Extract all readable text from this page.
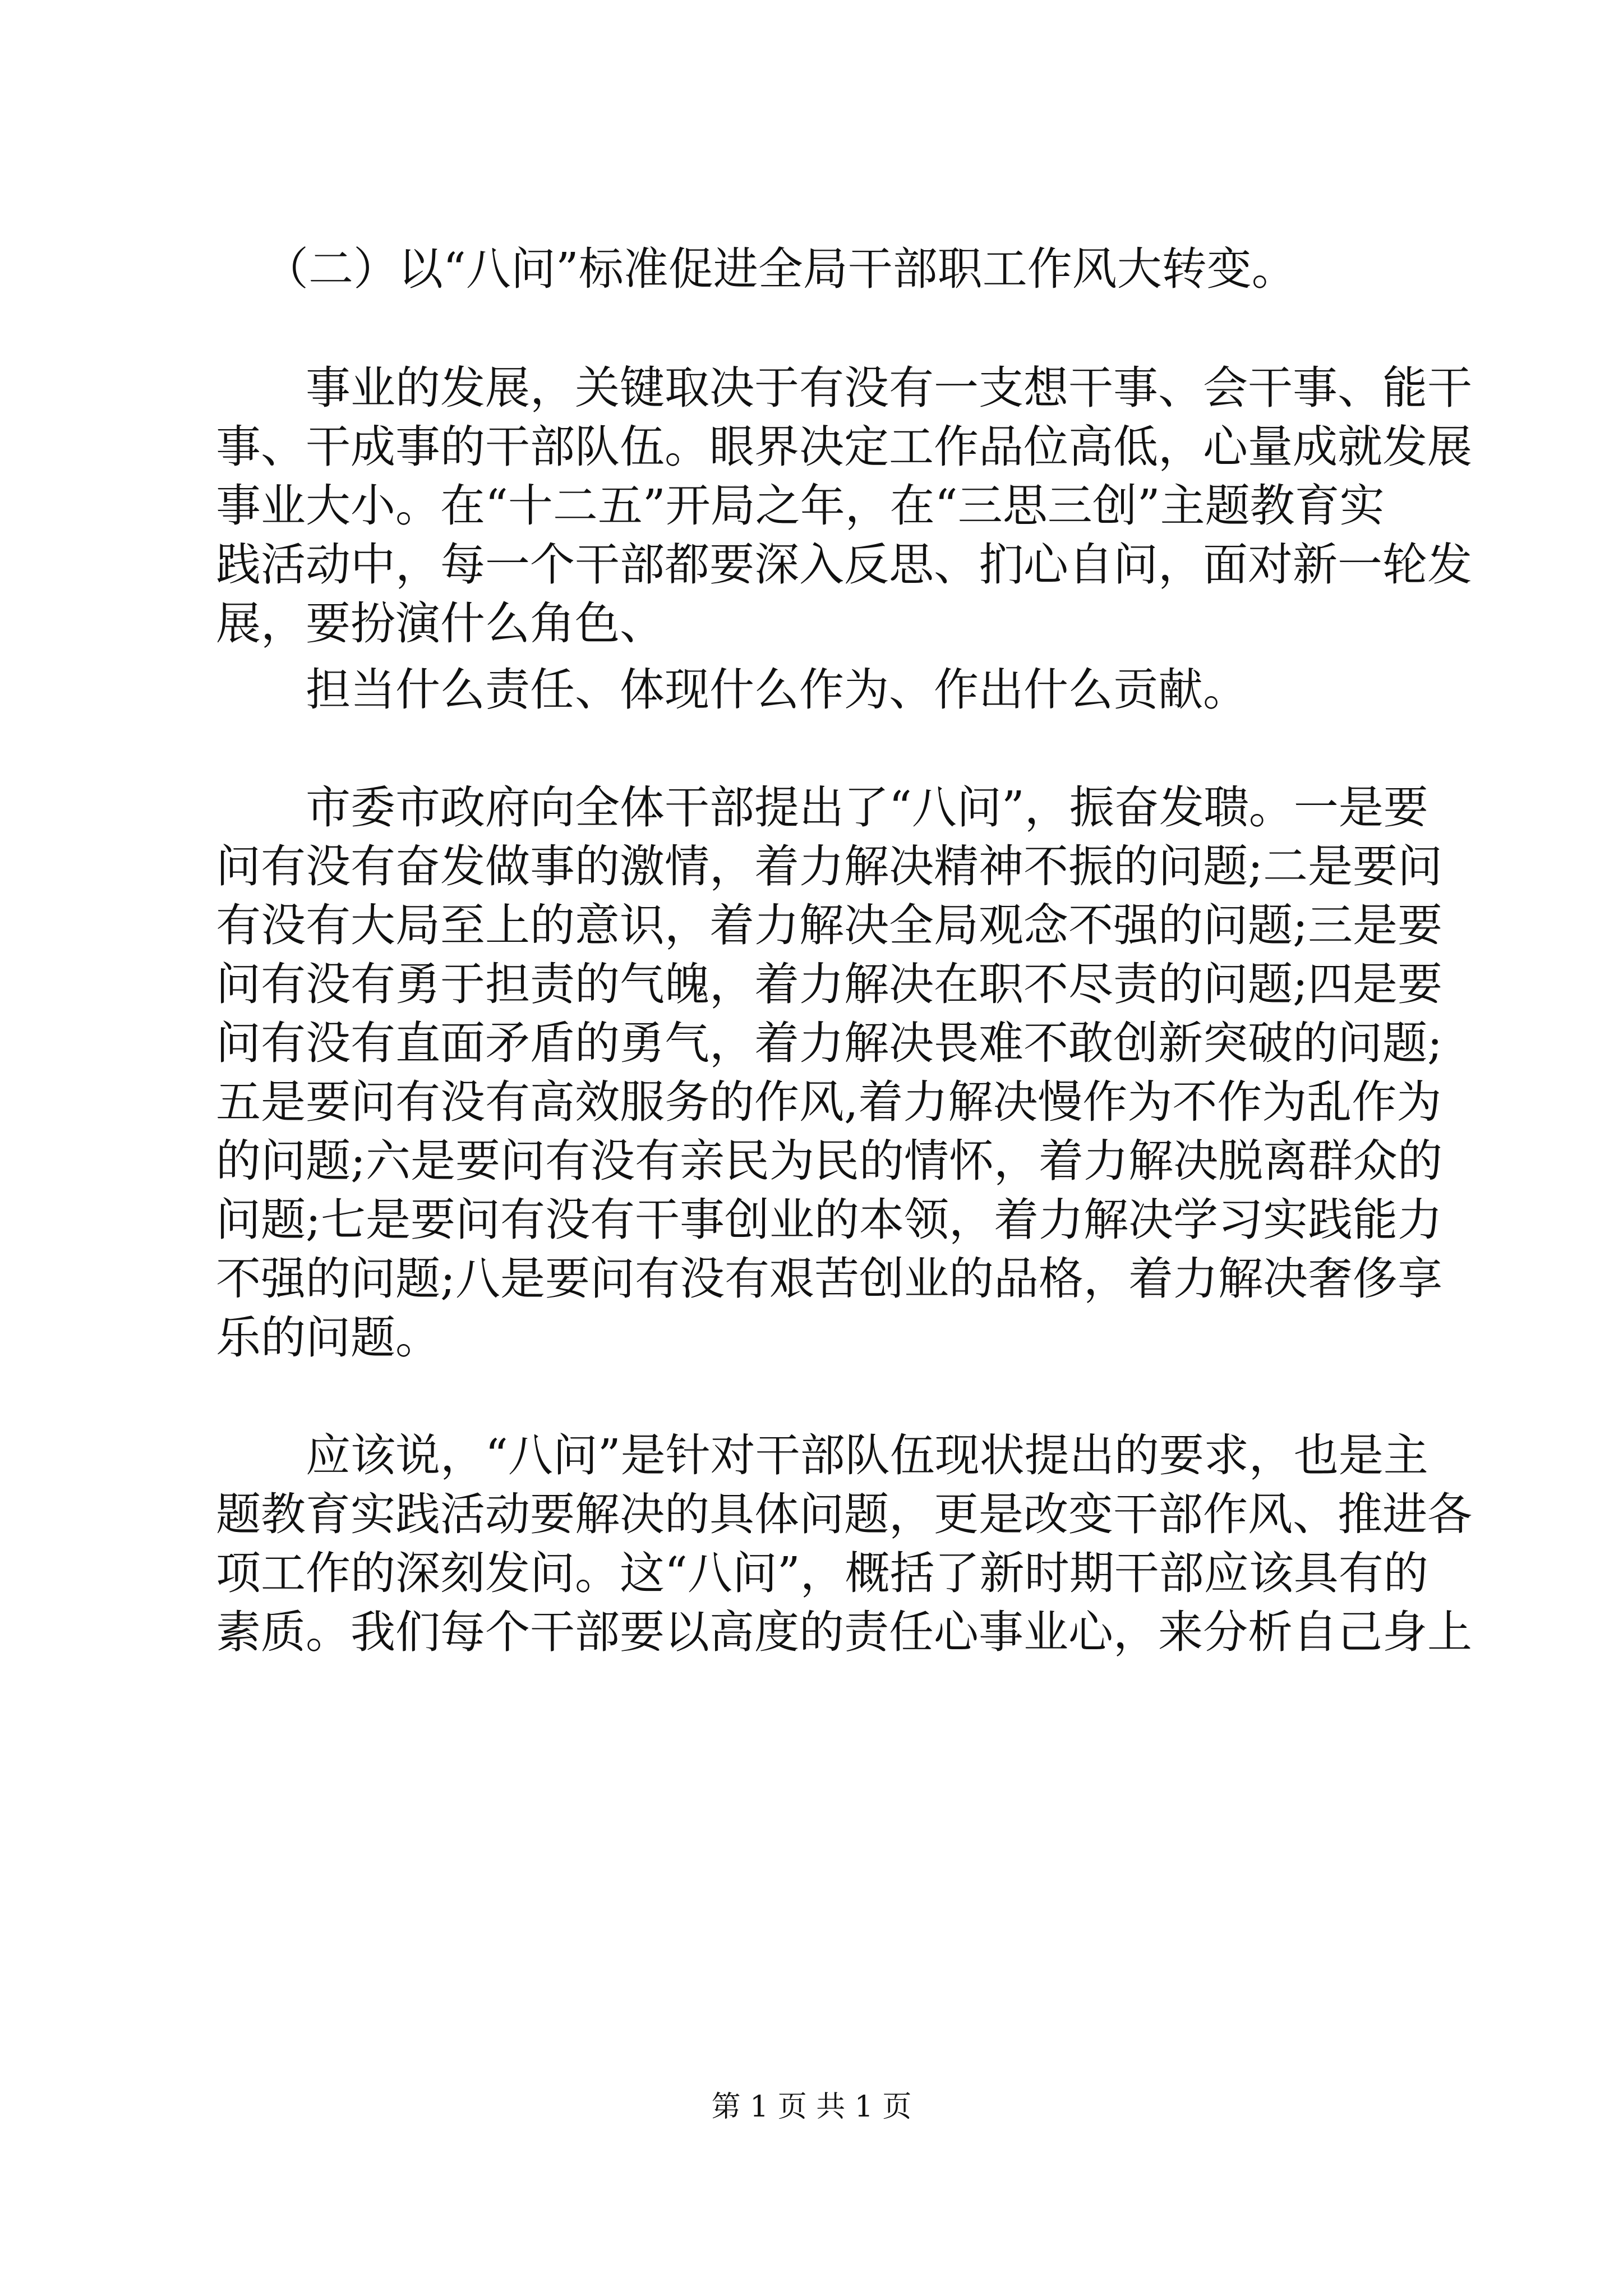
（二）以“八问”标准促进全局干部职工作风大转变。
事业的发展，关键取决于有没有一支想干事、会干事、能干
事、干成事的干部队伍。眼界决定工作品位高低，心量成就发展
事业大小。在“十二五”开局之年，在“三思三创”主题教育实
践活动中，每一个干部都要深入反思、扪心自问，面对新一轮发
展，要扮演什么角色、
担当什么责任、体现什么作为、作出什么贡献。
市委市政府向全体干部提出了“八问”，振奋发聩。一是要
问有没有奋发做事的激情，着力解决精神不振的问题;二是要问
有没有大局至上的意识，着力解决全局观念不强的问题;三是要
问有没有勇于担责的气魄，着力解决在职不尽责的问题;四是要
问有没有直面矛盾的勇气，着力解决畏难不敢创新突破的问题;
五是要问有没有高效服务的作风,着力解决慢作为不作为乱作为
的问题;六是要问有没有亲民为民的情怀，着力解决脱离群众的
问题;七是要问有没有干事创业的本领，着力解决学习实践能力
不强的问题;八是要问有没有艰苦创业的品格，着力解决奢侈享
乐的问题。
应该说，“八问”是针对干部队伍现状提出的要求，也是主
题教育实践活动要解决的具体问题，更是改变干部作风、推进各
项工作的深刻发问。这“八问”，概括了新时期干部应该具有的
素质。我们每个干部要以高度的责任心事业心，来分析自己身上
第 1 页 共 1 页
